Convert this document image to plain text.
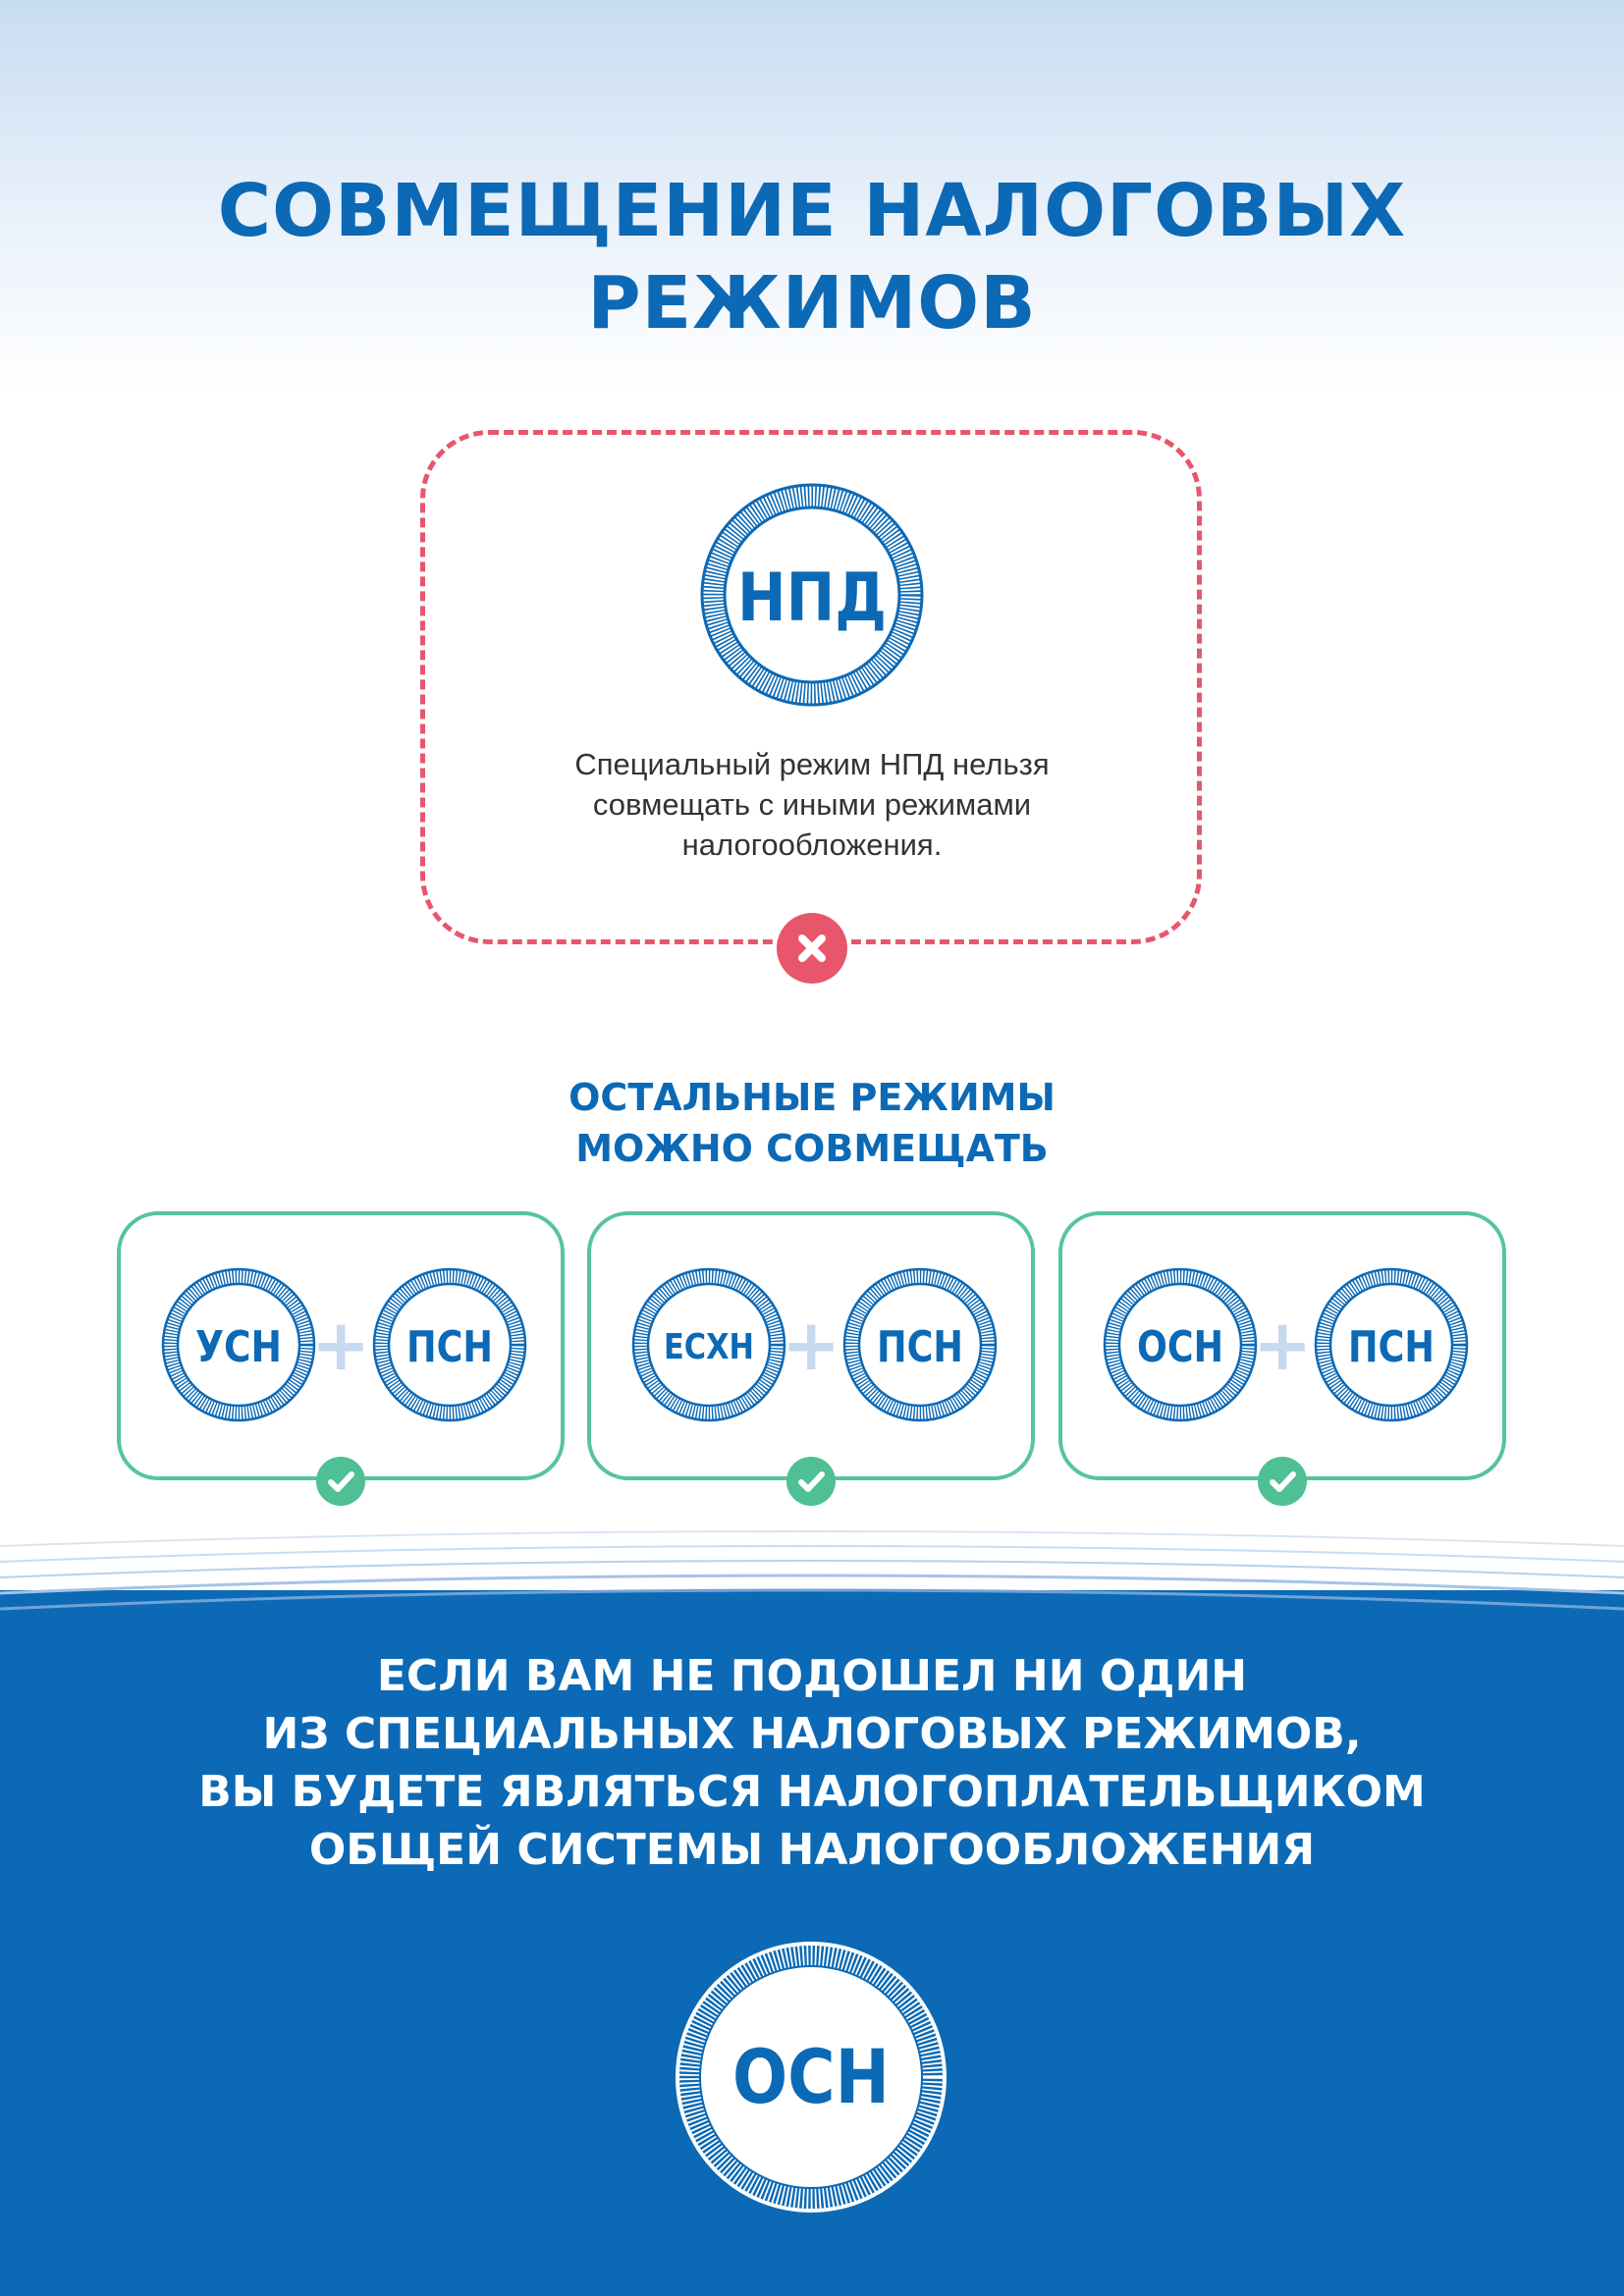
СОВМЕЩЕНИЕ НАЛОГОВЫХ
РЕЖИМОВ
НПД
Специальный режим НПД нельзя
совмещать с иными режимами
налогообложения.
ОСТАЛЬНЫЕ РЕЖИМЫ
МОЖНО СОВМЕЩАТЬ
УСН + ПСН	ЕСХН + ПСН	ОСН + ПСН
ЕСЛИ ВАМ НЕ ПОДОШЕЛ НИ ОДИН
ИЗ СПЕЦИАЛЬНЫХ НАЛОГОВЫХ РЕЖИМОВ,
ВЫ БУДЕТЕ ЯВЛЯТЬСЯ НАЛОГОПЛАТЕЛЬЩИКОМ
ОБЩЕЙ СИСТЕМЫ НАЛОГООБЛОЖЕНИЯ
ОСН
